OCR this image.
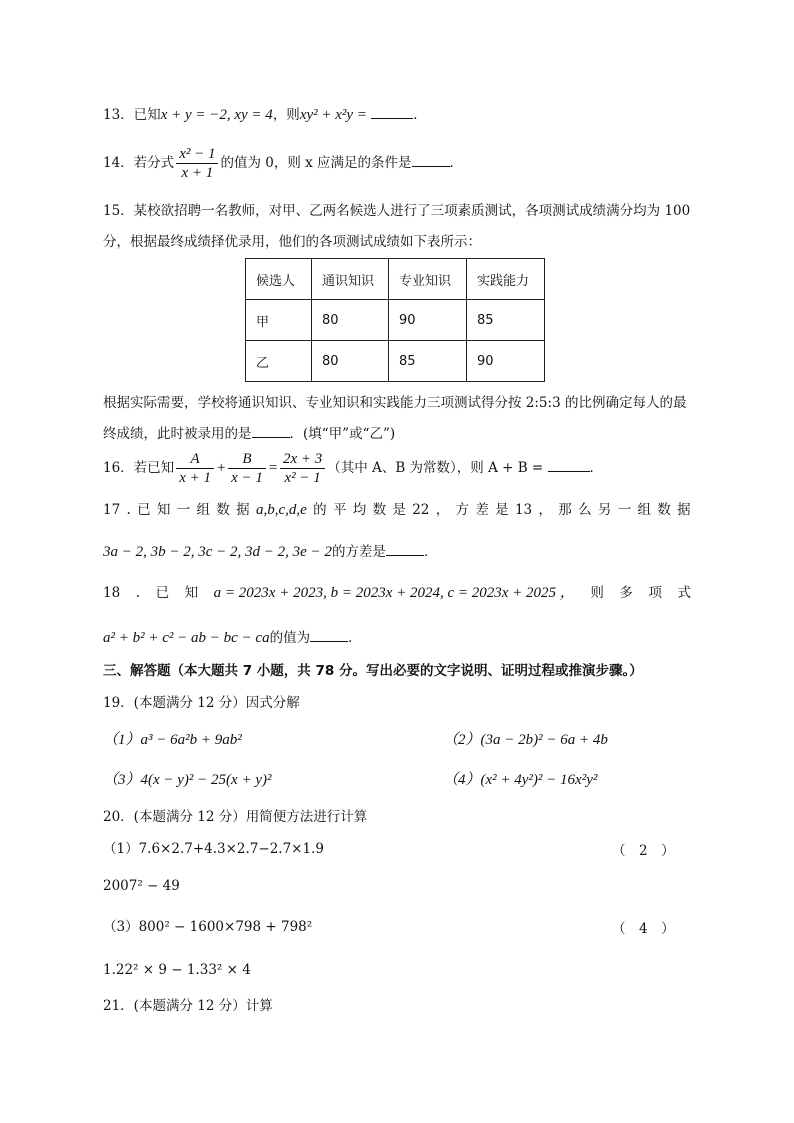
13．已知x + y = −2, xy = 4，则xy² + x²y =	．
14．若分式 $\frac{\text{x² − 1}}{x + 1}$ 的值为 0，则 x 应满足的条件是	．
15．某校欲招聘一名教师，对甲、乙两名候选人进行了三项素质测试，各项测试成绩满分均为 100
分，根据最终成绩择优录用，他们的各项测试成绩如下表所示：
候选人	通识知识	专业知识	实践能力
甲	80	90	85
乙	80	85	90
根据实际需要，学校将通识知识、专业知识和实践能力三项测试得分按 2:5:3 的比例确定每人的最
终成绩，此时被录用的是	．(填“甲”或“乙”)
16．若已知 $\frac{A}{x + 1} + \frac{B}{x - 1} = \frac{2x + 3}{\text{x² − 1}}$ （其中 A、B 为常数），则 A + B =	．
17 . 已 知 一 组 数 据 a,b,c,d,e 的 平 均 数 是 22 ， 方 差 是 13 ， 那 么 另 一 组 数 据
3a − 2, 3b − 2, 3c − 2, 3d − 2, 3e − 2的方差是	．
18 . 已 知 a = 2023x + 2023, b = 2023x + 2024, c = 2023x + 2025 ， 则 多 项 式
a² + b² + c² − ab − bc − ca的值为	．
三、解答题（本大题共 7 小题，共 78 分。写出必要的文字说明、证明过程或推演步骤。）
19．(本题满分 12 分）因式分解
（1）a³ − 6a²b + 9ab²	（2）(3a − 2b)² − 6a + 4b
（3）4(x − y)² − 25(x + y)²	（4）(x² + 4y²)² − 16x²y²
20．(本题满分 12 分）用简便方法进行计算
（1）7.6×2.7+4.3×2.7−2.7×1.9	（　2　）
2007² − 49
（3）800² − 1600×798 + 798²	（　4　）
1.22² × 9 − 1.33² × 4
21．(本题满分 12 分）计算
